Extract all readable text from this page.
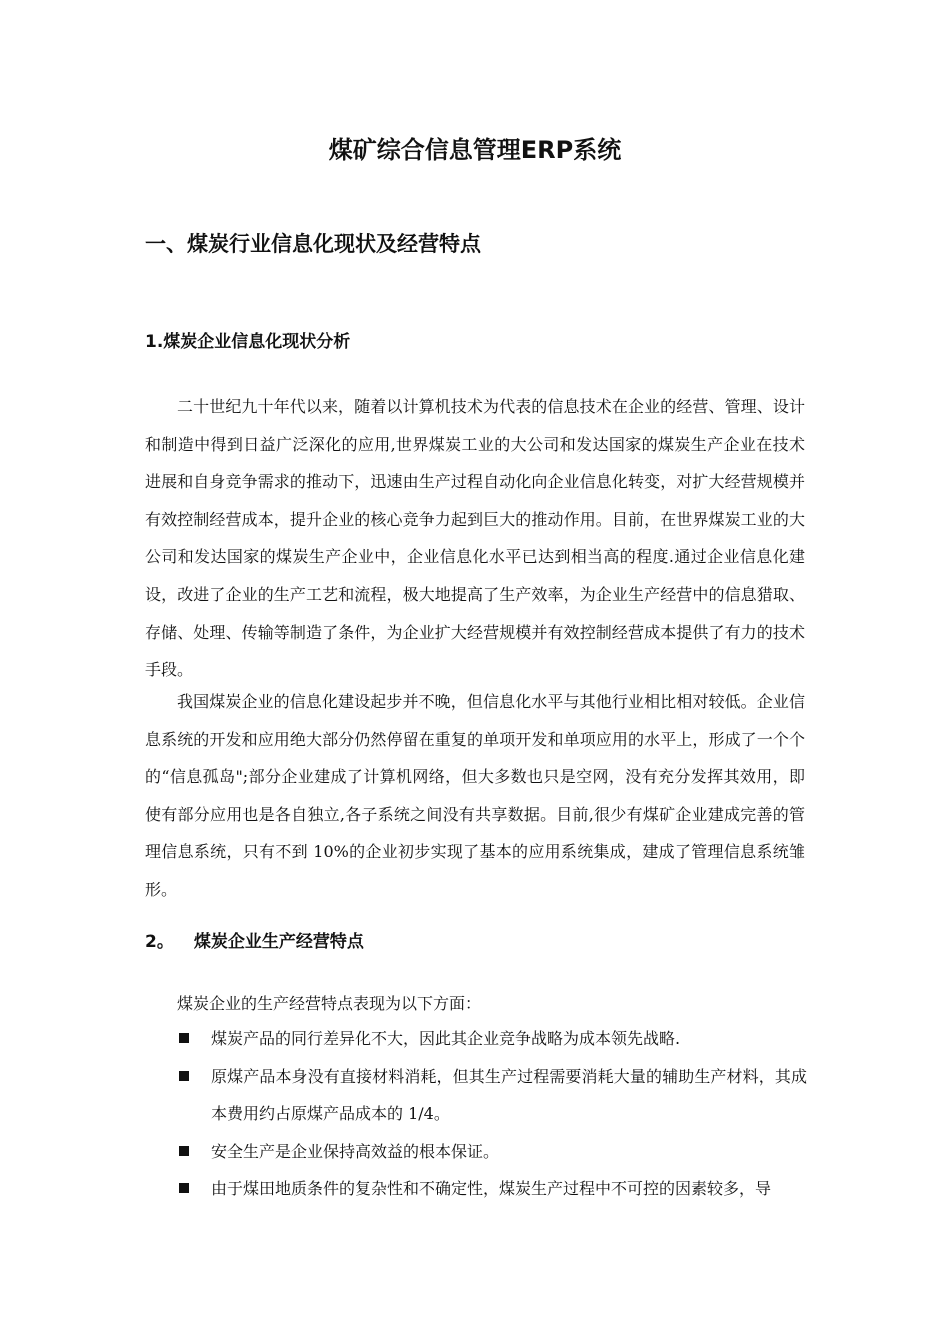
煤矿综合信息管理ERP系统
一、煤炭行业信息化现状及经营特点
1.煤炭企业信息化现状分析

二十世纪九十年代以来，随着以计算机技术为代表的信息技术在企业的经营、管理、设计和制造中得到日益广泛深化的应用,世界煤炭工业的大公司和发达国家的煤炭生产企业在技术进展和自身竞争需求的推动下，迅速由生产过程自动化向企业信息化转变，对扩大经营规模并有效控制经营成本，提升企业的核心竞争力起到巨大的推动作用。目前，在世界煤炭工业的大公司和发达国家的煤炭生产企业中，企业信息化水平已达到相当高的程度.通过企业信息化建设，改进了企业的生产工艺和流程，极大地提高了生产效率，为企业生产经营中的信息猎取、存储、处理、传输等制造了条件，为企业扩大经营规模并有效控制经营成本提供了有力的技术手段。

我国煤炭企业的信息化建设起步并不晚，但信息化水平与其他行业相比相对较低。企业信息系统的开发和应用绝大部分仍然停留在重复的单项开发和单项应用的水平上，形成了一个个的“信息孤岛";部分企业建成了计算机网络，但大多数也只是空网，没有充分发挥其效用，即使有部分应用也是各自独立,各子系统之间没有共享数据。目前,很少有煤矿企业建成完善的管理信息系统，只有不到 10%的企业初步实现了基本的应用系统集成，建成了管理信息系统雏形。

2。 煤炭企业生产经营特点

煤炭企业的生产经营特点表现为以下方面：

煤炭产品的同行差异化不大，因此其企业竞争战略为成本领先战略.
原煤产品本身没有直接材料消耗，但其生产过程需要消耗大量的辅助生产材料，其成本费用约占原煤产品成本的 1/4。
安全生产是企业保持高效益的根本保证。
由于煤田地质条件的复杂性和不确定性，煤炭生产过程中不可控的因素较多，导
